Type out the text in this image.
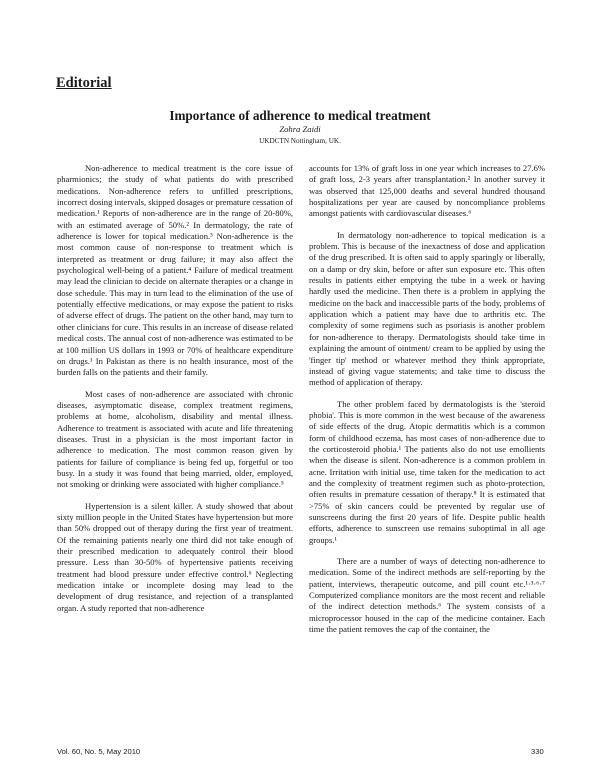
Editorial
Importance of adherence to medical treatment
Zohra Zaidi
UKDCTN Nottingham, UK.

Non-adherence to medical treatment is the core issue of pharmionics; the study of what patients do with prescribed medications. Non-adherence refers to unfilled prescriptions, incorrect dosing intervals, skipped dosages or premature cessation of medication.¹ Reports of non-adherence are in the range of 20-80%, with an estimated average of 50%.² In dermatology, the rate of adherence is lower for topical medication.³ Non-adherence is the most common cause of non-response to treatment which is interpreted as treatment or drug failure; it may also affect the psychological well-being of a patient.⁴ Failure of medical treatment may lead the clinician to decide on alternate therapies or a change in dose schedule. This may in turn lead to the elimination of the use of potentially effective medications, or may expose the patient to risks of adverse effect of drugs. The patient on the other hand, may turn to other clinicians for cure. This results in an increase of disease related medical costs. The annual cost of non-adherence was estimated to be at 100 million US dollars in 1993 or 70% of healthcare expenditure on drugs.¹ In Pakistan as there is no health insurance, most of the burden falls on the patients and their family.

Most cases of non-adherence are associated with chronic diseases, asymptomatic disease, complex treatment regimens, problems at home, alcoholism, disability and mental illness. Adherence to treatment is associated with acute and life threatening diseases. Trust in a physician is the most important factor in adherence to medication. The most common reason given by patients for failure of compliance is being fed up, forgetful or too busy. In a study it was found that being married, older, employed, not smoking or drinking were associated with higher compliance.⁵

Hypertension is a silent killer. A study showed that about sixty million people in the United States have hypertension but more than 50% dropped out of therapy during the first year of treatment. Of the remaining patients nearly one third did not take enough of their prescribed medication to adequately control their blood pressure. Less than 30-50% of hypertensive patients receiving treatment had blood pressure under effective control.⁶ Neglecting medication intake or incomplete dosing may lead to the development of drug resistance, and rejection of a transplanted organ. A study reported that non-adherence

accounts for 13% of graft loss in one year which increases to 27.6% of graft loss, 2-3 years after transplantation.² In another survey it was observed that 125,000 deaths and several hundred thousand hospitalizations per year are caused by noncompliance problems amongst patients with cardiovascular diseases.⁶

In dermatology non-adherence to topical medication is a problem. This is because of the inexactness of dose and application of the drug prescribed. It is often said to apply sparingly or liberally, on a damp or dry skin, before or after sun exposure etc. This often results in patients either emptying the tube in a week or having hardly used the medicine. Then there is a problem in applying the medicine on the back and inaccessible parts of the body, problems of application which a patient may have due to arthritis etc. The complexity of some regimens such as psoriasis is another problem for non-adherence to therapy. Dermatologists should take time in explaining the amount of ointment/ cream to be applied by using the 'finger tip' method or whatever method they think appropriate, instead of giving vague statements; and take time to discuss the method of application of therapy.

The other problem faced by dermatologists is the 'steroid phobia'. This is more common in the west because of the awareness of side effects of the drug. Atopic dermatitis which is a common form of childhood eczema, has most cases of non-adherence due to the corticosteroid phobia.¹ The patients also do not use emollients when the disease is silent. Non-adherence is a common problem in acne. Irritation with initial use, time taken for the medication to act and the complexity of treatment regimen such as photo-protection, often results in premature cessation of therapy.⁸ It is estimated that >75% of skin cancers could be prevented by regular use of sunscreens during the first 20 years of life. Despite public health efforts, adherence to sunscreen use remains suboptimal in all age groups.¹

There are a number of ways of detecting non-adherence to medication. Some of the indirect methods are self-reporting by the patient, interviews, therapeutic outcome, and pill count etc.¹·³·⁶·⁷ Computerized compliance monitors are the most recent and reliable of the indirect detection methods.⁶ The system consists of a microprocessor housed in the cap of the medicine container. Each time the patient removes the cap of the container, the

Vol. 60, No. 5, May 2010	330
